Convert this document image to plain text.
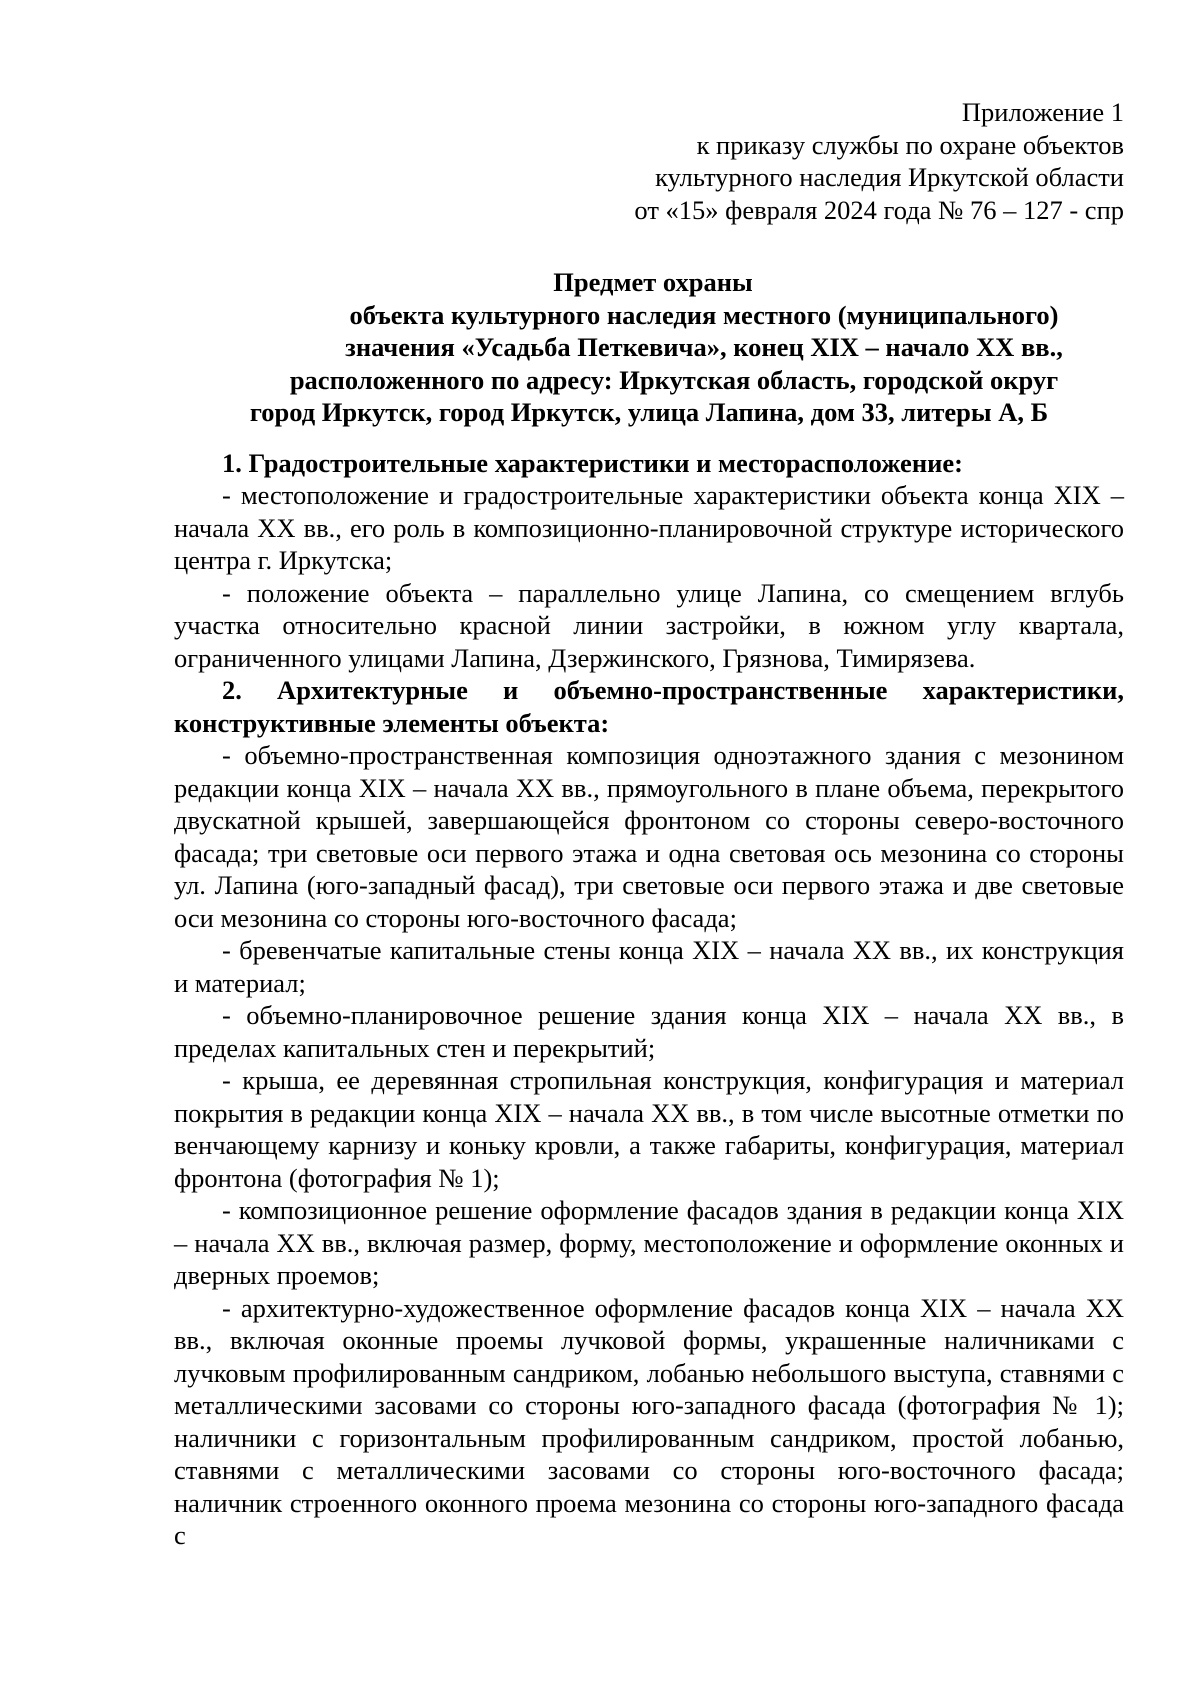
Приложение 1
к приказу службы по охране объектов
культурного наследия Иркутской области
от «15» февраля 2024 года № 76 – 127 - спр
Предмет охраны
объекта культурного наследия местного (муниципального)
значения «Усадьба Петкевича», конец XIX – начало XX вв.,
расположенного по адресу: Иркутская область, городской округ
город Иркутск, город Иркутск, улица Лапина, дом 33, литеры А, Б
1. Градостроительные характеристики и месторасположение:
- местоположение и градостроительные характеристики объекта конца XIX – начала XX вв., его роль в композиционно-планировочной структуре исторического центра г. Иркутска;
- положение объекта – параллельно улице Лапина, со смещением вглубь участка относительно красной линии застройки, в южном углу квартала, ограниченного улицами Лапина, Дзержинского, Грязнова, Тимирязева.
2. Архитектурные и объемно-пространственные характеристики, конструктивные элементы объекта:
- объемно-пространственная композиция одноэтажного здания с мезонином редакции конца XIX – начала XX вв., прямоугольного в плане объема, перекрытого двускатной крышей, завершающейся фронтоном со стороны северо-восточного фасада; три световые оси первого этажа и одна световая ось мезонина со стороны ул. Лапина (юго-западный фасад), три световые оси первого этажа и две световые оси мезонина со стороны юго-восточного фасада;
- бревенчатые капитальные стены конца XIX – начала XX вв., их конструкция и материал;
- объемно-планировочное решение здания конца XIX – начала XX вв., в пределах капитальных стен и перекрытий;
- крыша, ее деревянная стропильная конструкция, конфигурация и материал покрытия в редакции конца XIX – начала XX вв., в том числе высотные отметки по венчающему карнизу и коньку кровли, а также габариты, конфигурация, материал фронтона (фотография № 1);
- композиционное решение оформление фасадов здания в редакции конца XIX – начала XX вв., включая размер, форму, местоположение и оформление оконных и дверных проемов;
- архитектурно-художественное оформление фасадов конца XIX – начала XX вв., включая оконные проемы лучковой формы, украшенные наличниками с лучковым профилированным сандриком, лобанью небольшого выступа, ставнями с металлическими засовами со стороны юго-западного фасада (фотография № 1); наличники с горизонтальным профилированным сандриком, простой лобанью, ставнями с металлическими засовами со стороны юго-восточного фасада; наличник строенного оконного проема мезонина со стороны юго-западного фасада с
